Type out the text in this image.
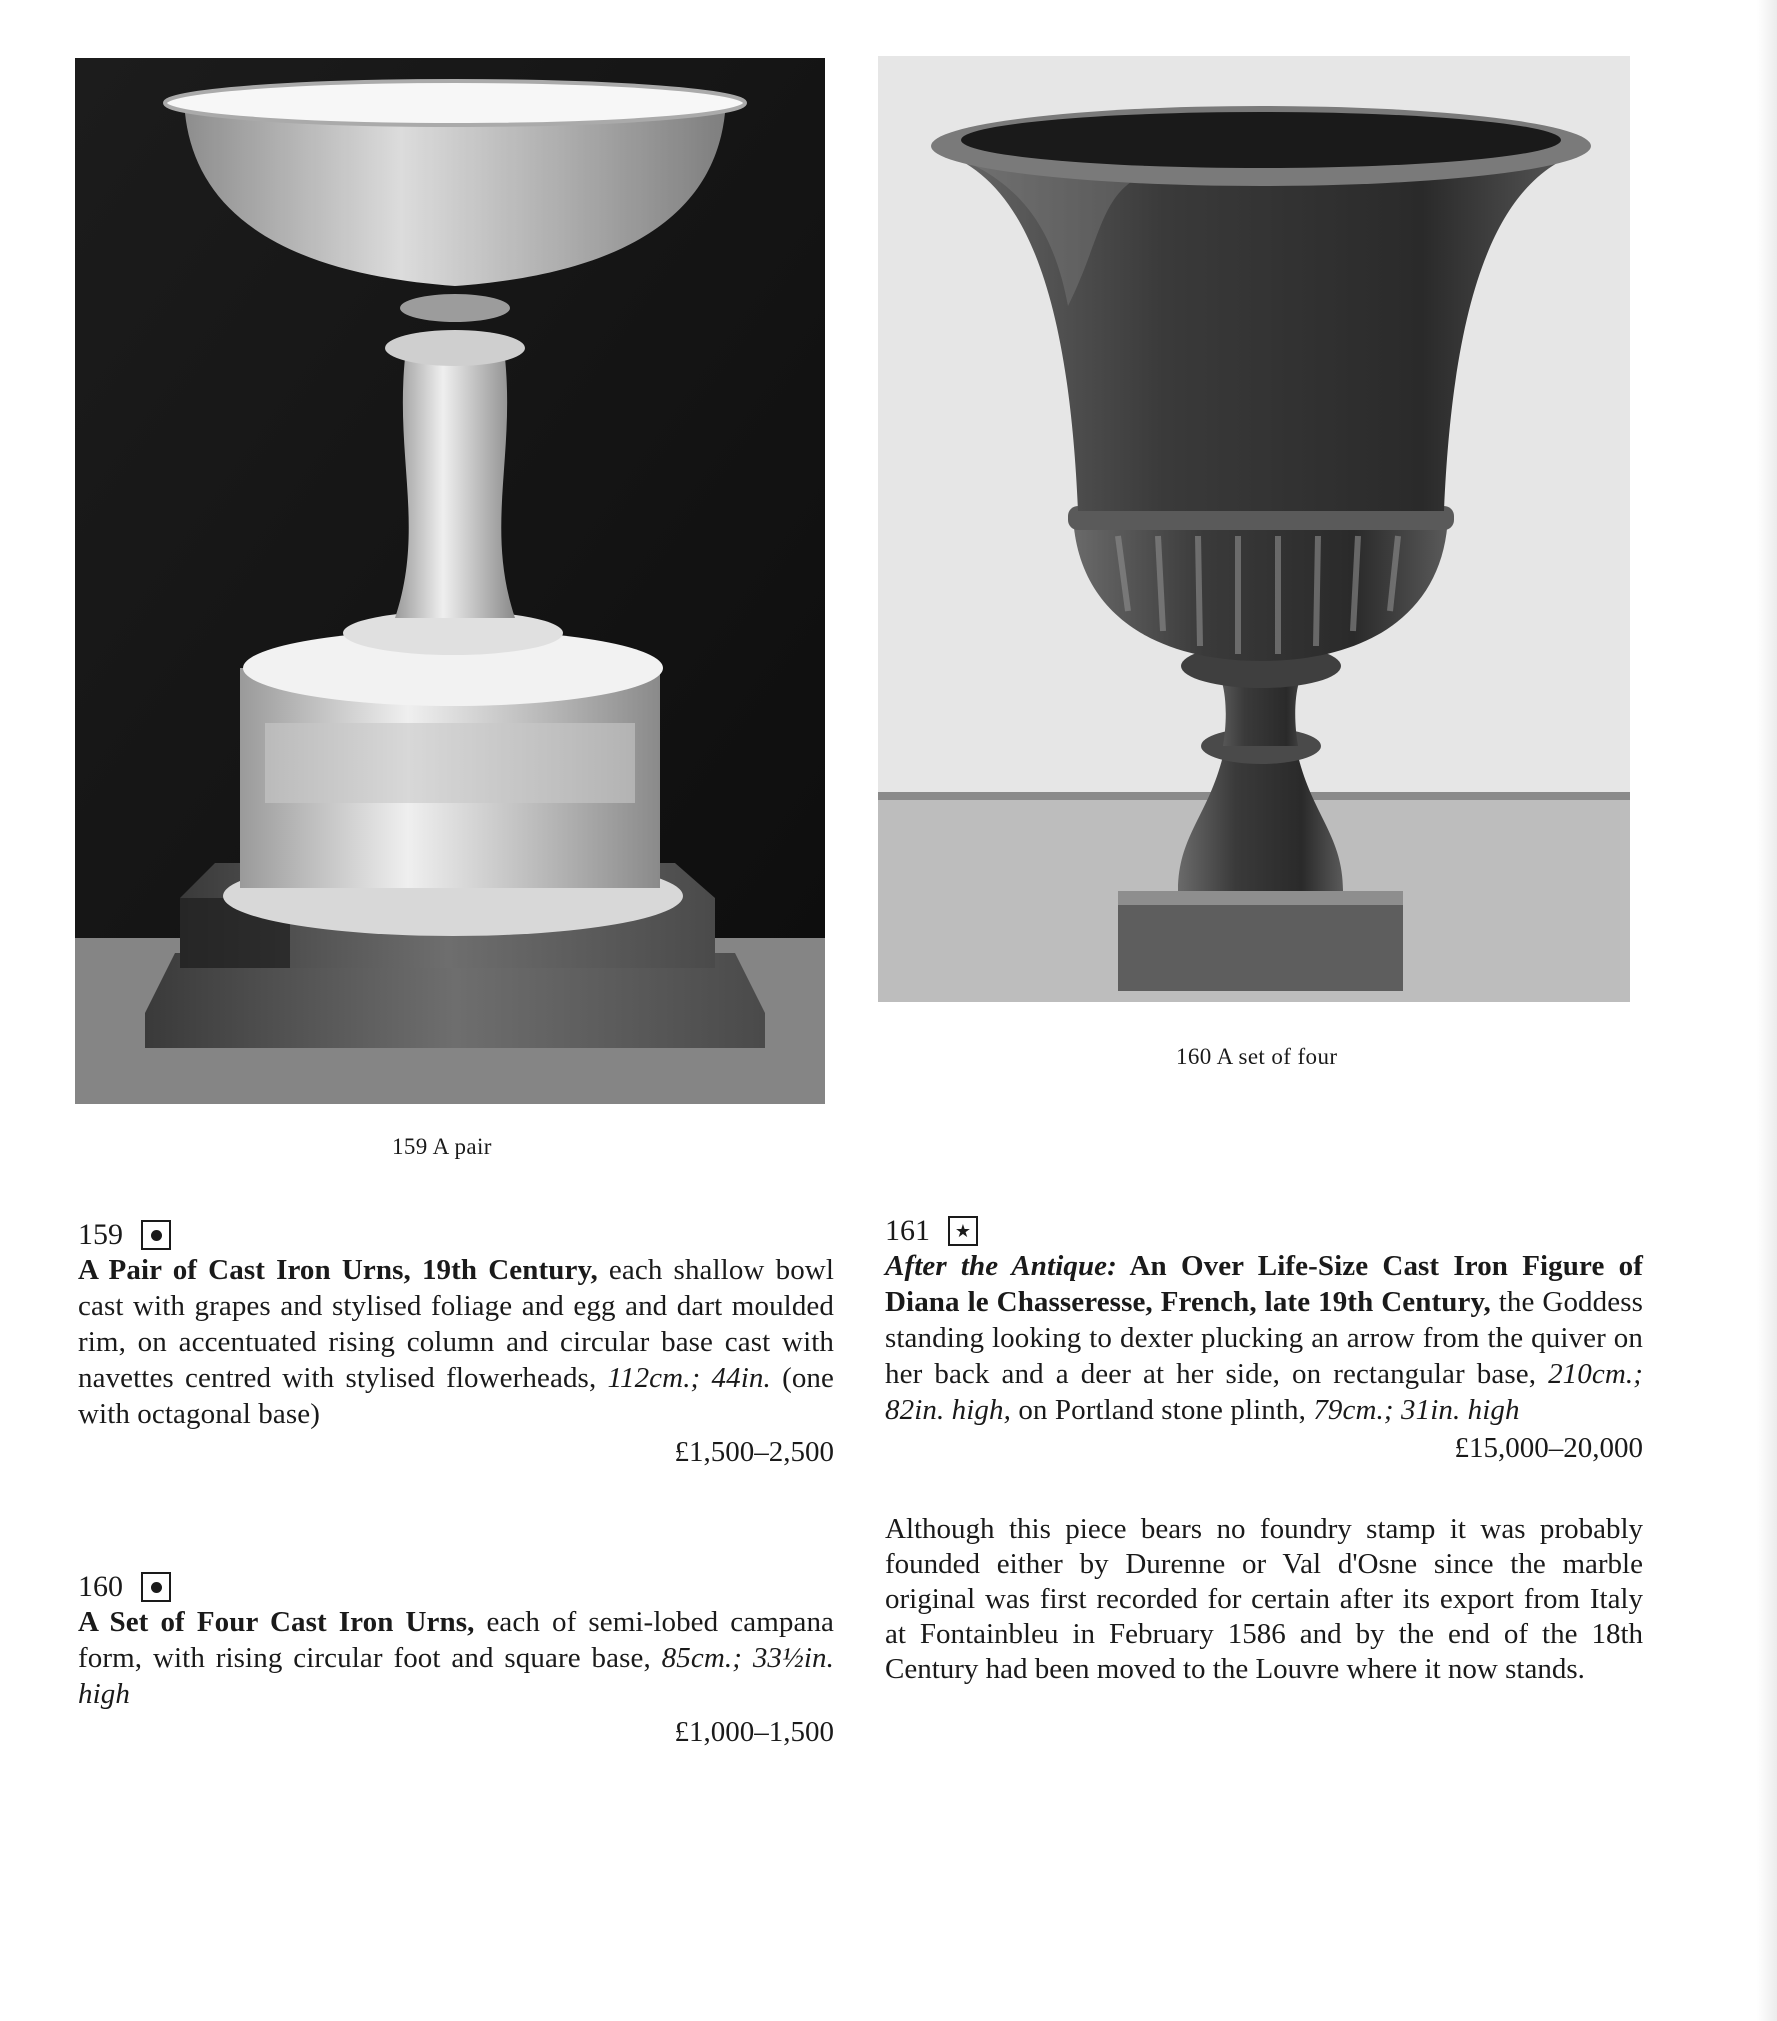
159 A pair
160 A set of four
159

A Pair of Cast Iron Urns, 19th Century, each shallow bowl cast with grapes and stylised foliage and egg and dart moulded rim, on accentuated rising column and circular base cast with navettes centred with stylised flowerheads, 112cm.; 44in. (one with octagonal base)

£1,500–2,500
160

A Set of Four Cast Iron Urns, each of semi-lobed campana form, with rising circular foot and square base, 85cm.; 33½in. high

£1,000–1,500
161	★

After the Antique: An Over Life-Size Cast Iron Figure of Diana le Chasseresse, French, late 19th Century, the Goddess standing looking to dexter plucking an arrow from the quiver on her back and a deer at her side, on rectangular base, 210cm.; 82in. high, on Portland stone plinth, 79cm.; 31in. high

£15,000–20,000

Although this piece bears no foundry stamp it was probably founded either by Durenne or Val d'Osne since the marble original was first recorded for certain after its export from Italy at Fontainbleu in February 1586 and by the end of the 18th Century had been moved to the Louvre where it now stands.
